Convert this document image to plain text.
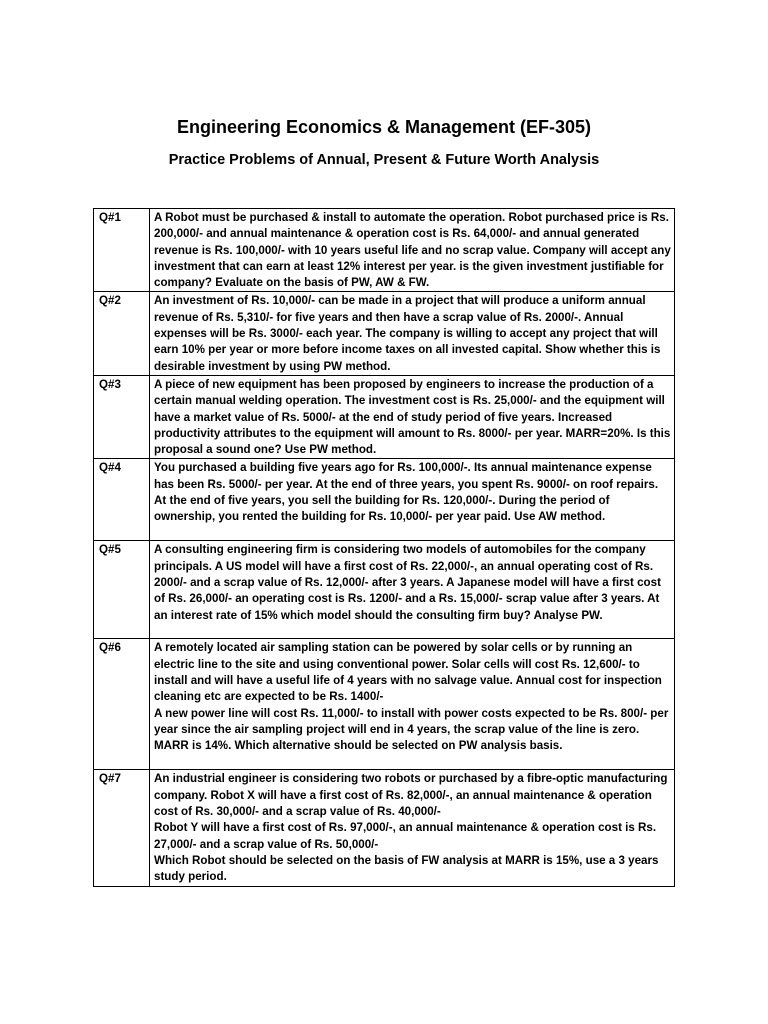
Engineering Economics & Management (EF-305)
Practice Problems of Annual, Present & Future Worth Analysis
Q#1	A Robot must be purchased & install to automate the operation. Robot purchased price is Rs. 200,000/- and annual maintenance & operation cost is Rs. 64,000/- and annual generated revenue is Rs. 100,000/- with 10 years useful life and no scrap value. Company will accept any investment that can earn at least 12% interest per year. is the given investment justifiable for company? Evaluate on the basis of PW, AW & FW.
Q#2	An investment of Rs. 10,000/- can be made in a project that will produce a uniform annual revenue of Rs. 5,310/- for five years and then have a scrap value of Rs. 2000/-. Annual expenses will be Rs. 3000/- each year. The company is willing to accept any project that will earn 10% per year or more before income taxes on all invested capital. Show whether this is desirable investment by using PW method.
Q#3	A piece of new equipment has been proposed by engineers to increase the production of a certain manual welding operation. The investment cost is Rs. 25,000/- and the equipment will have a market value of Rs. 5000/- at the end of study period of five years. Increased productivity attributes to the equipment will amount to Rs. 8000/- per year. MARR=20%. Is this proposal a sound one? Use PW method.
Q#4	You purchased a building five years ago for Rs. 100,000/-. Its annual maintenance expense has been Rs. 5000/- per year. At the end of three years, you spent Rs. 9000/- on roof repairs. At the end of five years, you sell the building for Rs. 120,000/-. During the period of ownership, you rented the building for Rs. 10,000/- per year paid. Use AW method.
Q#5	A consulting engineering firm is considering two models of automobiles for the company principals. A US model will have a first cost of Rs. 22,000/-, an annual operating cost of Rs. 2000/- and a scrap value of Rs. 12,000/- after 3 years. A Japanese model will have a first cost of Rs. 26,000/- an operating cost is Rs. 1200/- and a Rs. 15,000/- scrap value after 3 years. At an interest rate of 15% which model should the consulting firm buy? Analyse PW.
Q#6	A remotely located air sampling station can be powered by solar cells or by running an electric line to the site and using conventional power. Solar cells will cost Rs. 12,600/- to install and will have a useful life of 4 years with no salvage value. Annual cost for inspection cleaning etc are expected to be Rs. 1400/-
A new power line will cost Rs. 11,000/- to install with power costs expected to be Rs. 800/- per year since the air sampling project will end in 4 years, the scrap value of the line is zero.
MARR is 14%. Which alternative should be selected on PW analysis basis.

Q#7	An industrial engineer is considering two robots or purchased by a fibre-optic manufacturing company. Robot X will have a first cost of Rs. 82,000/-, an annual maintenance & operation cost of Rs. 30,000/- and a scrap value of Rs. 40,000/-
Robot Y will have a first cost of Rs. 97,000/-, an annual maintenance & operation cost is Rs. 27,000/- and a scrap value of Rs. 50,000/-
Which Robot should be selected on the basis of FW analysis at MARR is 15%, use a 3 years study period.
